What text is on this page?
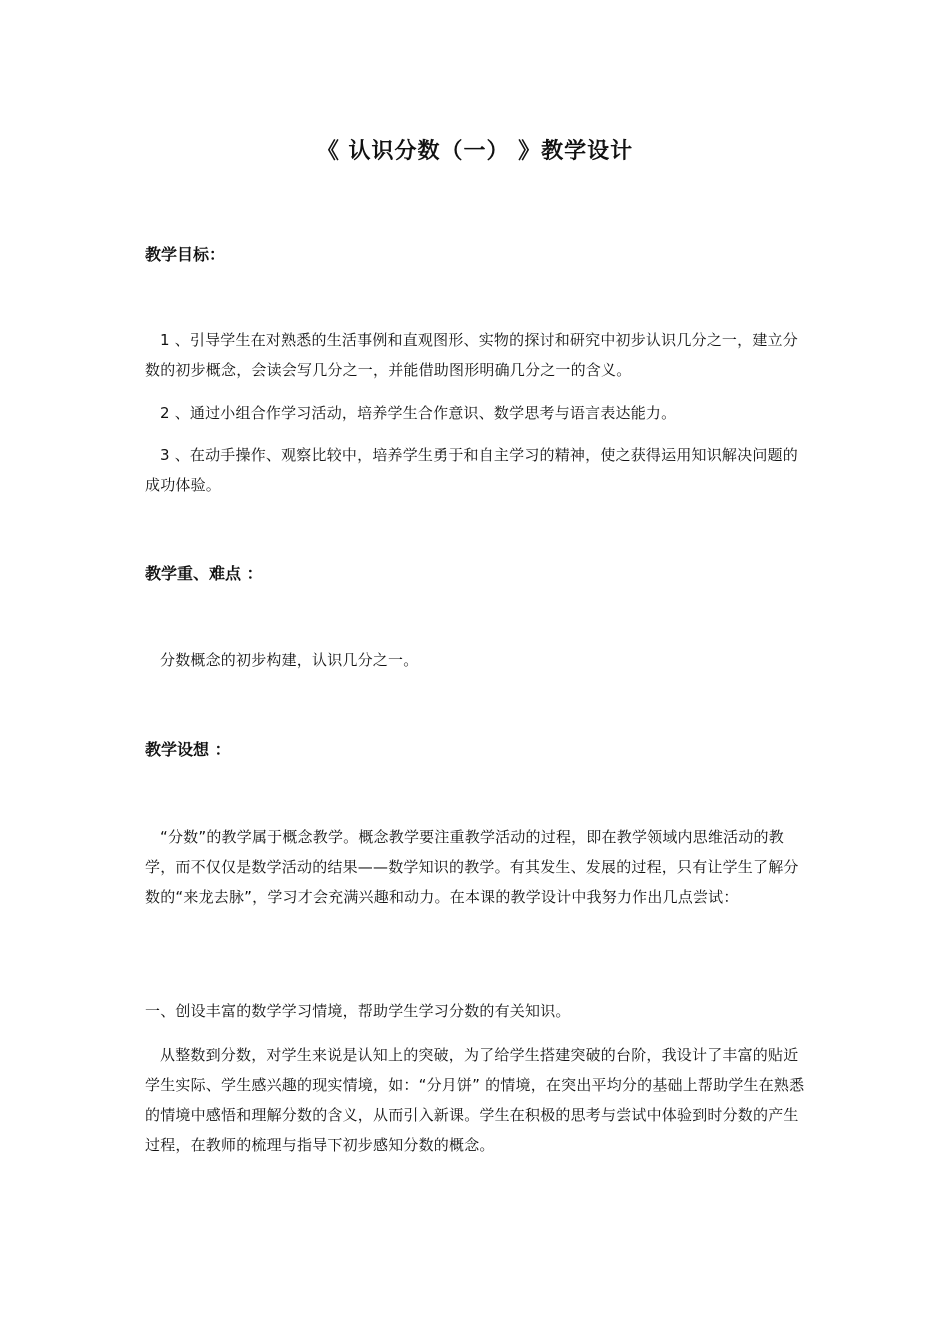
《 认识分数（一） 》教学设计
教学目标：
1 、引导学生在对熟悉的生活事例和直观图形、实物的探讨和研究中初步认识几分之一，建立分数的初步概念，会读会写几分之一，并能借助图形明确几分之一的含义。
2 、通过小组合作学习活动，培养学生合作意识、数学思考与语言表达能力。
3 、在动手操作、观察比较中，培养学生勇于和自主学习的精神，使之获得运用知识解决问题的成功体验。
教学重、难点 ：
分数概念的初步构建，认识几分之一。
教学设想 ：
“分数”的教学属于概念教学。概念教学要注重教学活动的过程，即在教学领域内思维活动的教学，而不仅仅是数学活动的结果——数学知识的教学。有其发生、发展的过程，只有让学生了解分数的“来龙去脉”，学习才会充满兴趣和动力。在本课的教学设计中我努力作出几点尝试：
一、创设丰富的数学学习情境，帮助学生学习分数的有关知识。
从整数到分数，对学生来说是认知上的突破，为了给学生搭建突破的台阶，我设计了丰富的贴近学生实际、学生感兴趣的现实情境，如：“分月饼” 的情境，在突出平均分的基础上帮助学生在熟悉的情境中感悟和理解分数的含义，从而引入新课。学生在积极的思考与尝试中体验到时分数的产生过程，在教师的梳理与指导下初步感知分数的概念。
